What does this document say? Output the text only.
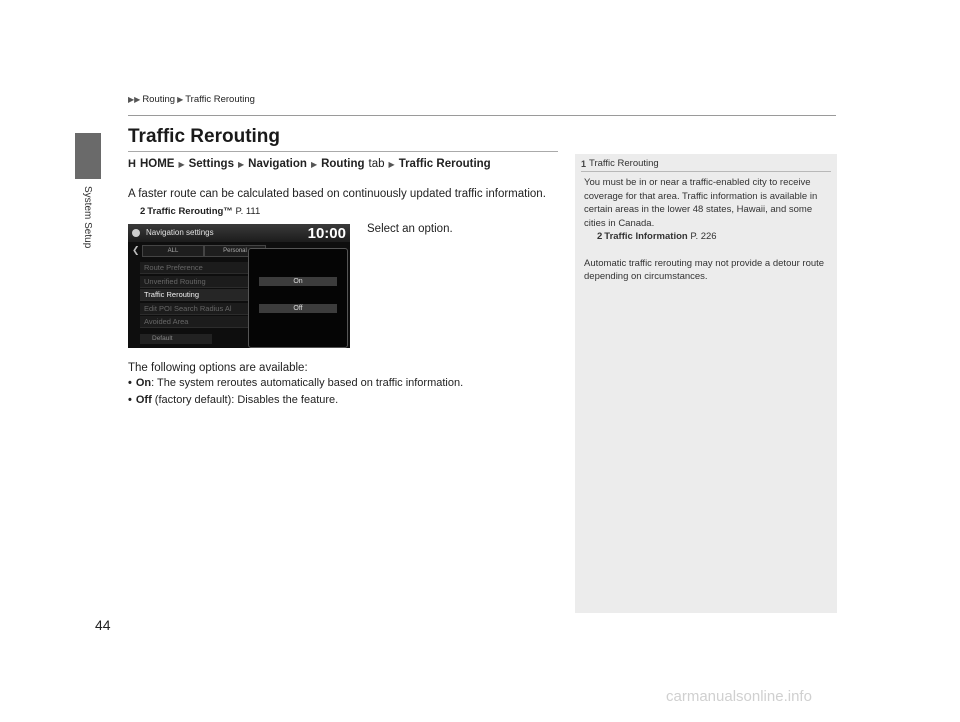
System Setup
44
▶▶ Routing ▶ Traffic Rerouting
Traffic Rerouting
H HOME ▶ Settings ▶ Navigation ▶ Routing tab ▶ Traffic Rerouting
A faster route can be calculated based on continuously updated traffic information.
2 Traffic Rerouting™ P. 111
Navigation settings	10:00
❮	ALL	Personal
Route Preference
Unverified Routing
Traffic Rerouting
Edit POI Search Radius Al
Avoided Area
Default
On
Off
Select an option.
The following options are available:
• On: The system reroutes automatically based on traffic information.
• Off (factory default): Disables the feature.
1 Traffic Rerouting

You must be in or near a traffic-enabled city to receive coverage for that area. Traffic information is available in certain areas in the lower 48 states, Hawaii, and some cities in Canada.

2 Traffic Information P. 226

Automatic traffic rerouting may not provide a detour route depending on circumstances.

carmanualsonline.info
